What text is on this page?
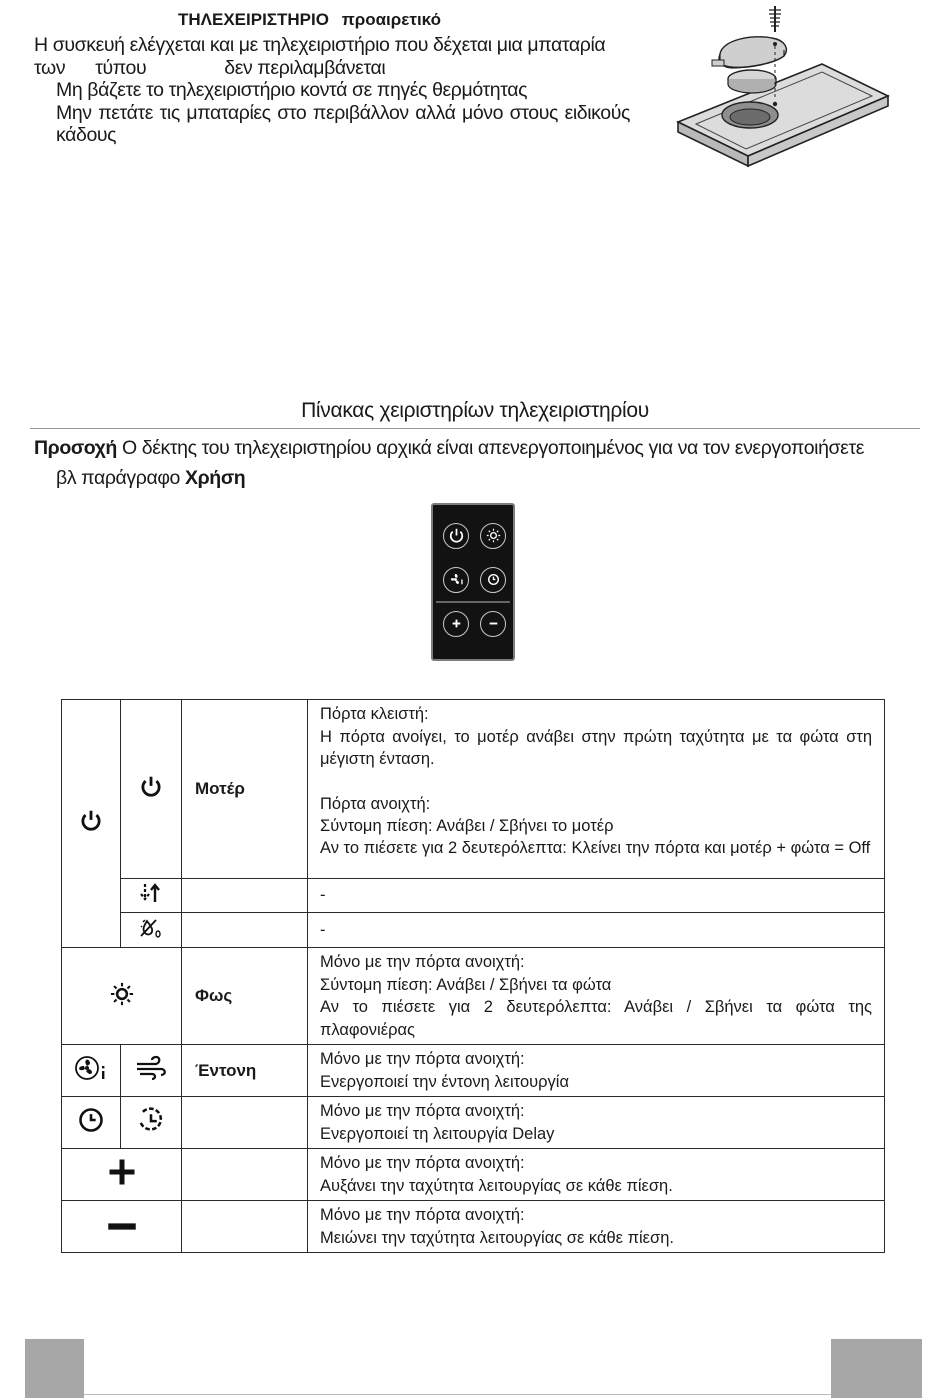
ΤΗΛΕΧΕΙΡΙΣΤΗΡΙΟ προαιρετικό
Η συσκευή ελέγχεται και με τηλεχειριστήριο που δέχεται μια μπαταρία
των τύπου	δεν περιλαμβάνεται
Μη βάζετε το τηλεχειριστήριο κοντά σε πηγές θερμότητας
Μην πετάτε τις μπαταρίες στο περιβάλλον αλλά μόνο στους ειδικούς κάδους
Πίνακας χειριστηρίων τηλεχειριστηρίου
Προσοχή Ο δέκτης του τηλεχειριστηρίου αρχικά είναι απενεργοποιημένος για να τον ενεργοποιήσετε
βλ παράγραφο Χρήση
		Μοτέρ	Πόρτα κλειστή:
Η πόρτα ανοίγει, το μοτέρ ανάβει στην πρώτη ταχύτητα με τα φώτα στη μέγιστη ένταση.
Πόρτα ανοιχτή:
Σύντομη πίεση: Ανάβει / Σβήνει το μοτέρ
Αν το πιέσετε για 2 δευτερόλεπτα: Κλείνει την πόρτα και μοτέρ + φώτα = Off

-

-

	Φως	Μόνο με την πόρτα ανοιχτή:
Σύντομη πίεση: Ανάβει / Σβήνει τα φώτα
Αν το πιέσετε για 2 δευτερόλεπτα: Ανάβει / Σβήνει τα φώτα της πλαφονιέρας

		Έντονη	Μόνο με την πόρτα ανοιχτή:
Ενεργοποιεί την έντονη λειτουργία

Μόνο με την πόρτα ανοιχτή:
Ενεργοποιεί τη λειτουργία Delay

Μόνο με την πόρτα ανοιχτή:
Αυξάνει την ταχύτητα λειτουργίας σε κάθε πίεση.

Μόνο με την πόρτα ανοιχτή:
Μειώνει την ταχύτητα λειτουργίας σε κάθε πίεση.
